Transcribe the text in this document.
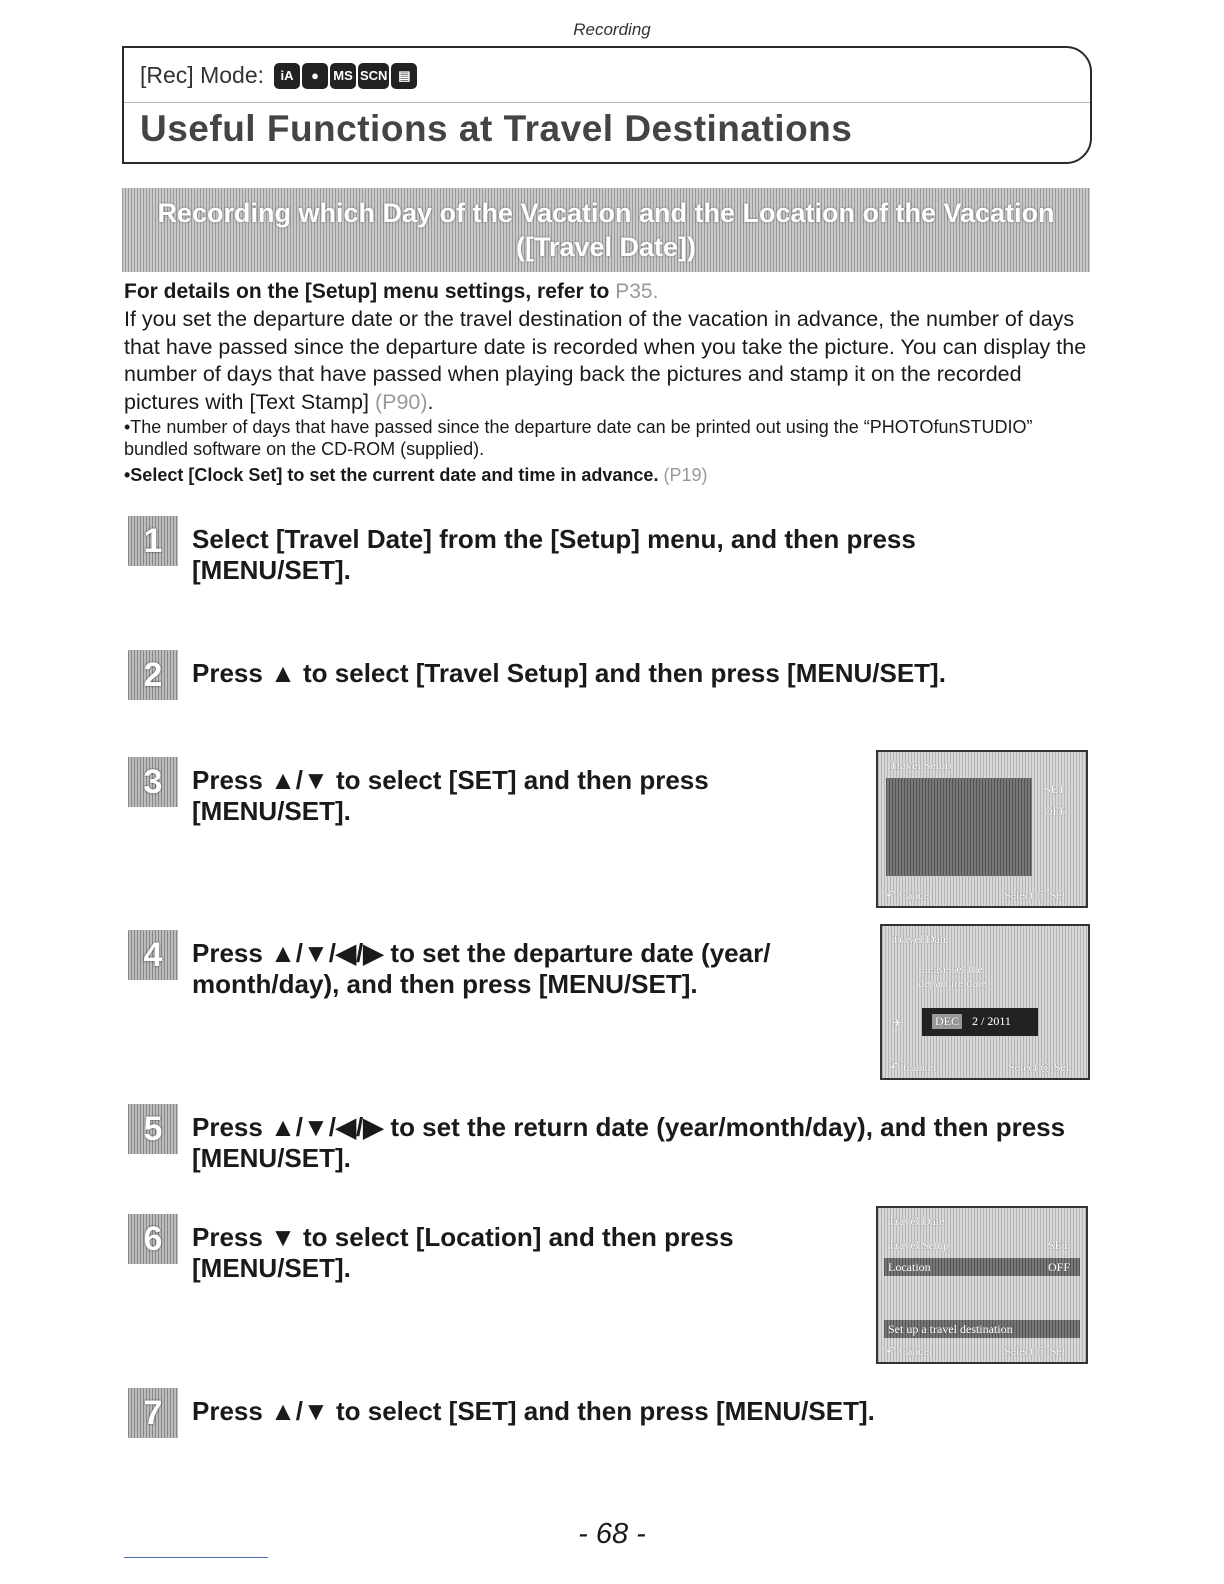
Recording
[Rec] Mode:	iA	●	MS SCN ▤
Useful Functions at Travel Destinations
Recording which Day of the Vacation and the Location of the Vacation
([Travel Date])
For details on the [Setup] menu settings, refer to P35.
If you set the departure date or the travel destination of the vacation in advance, the number of days that have passed since the departure date is recorded when you take the picture. You can display the number of days that have passed when playing back the pictures and stamp it on the recorded pictures with [Text Stamp] (P90).
•The number of days that have passed since the departure date can be printed out using the “PHOTOfunSTUDIO” bundled software on the CD-ROM (supplied).
•Select [Clock Set] to set the current date and time in advance. (P19)
1	Select [Travel Date] from the [Setup] menu, and then press [MENU/SET].
2	Press ▲ to select [Travel Setup] and then press [MENU/SET].
3	Press ▲/▼ to select [SET] and then press [MENU/SET].
4	Press ▲/▼/◀/▶ to set the departure date (year/ month/day), and then press [MENU/SET].
5	Press ▲/▼/◀/▶ to set the return date (year/month/day), and then press [MENU/SET].
6	Press ▼ to select [Location] and then press [MENU/SET].
7	Press ▲/▼ to select [SET] and then press [MENU/SET].
Travel Setup
SET
OFF
↶ Cancel	Select ◎ Set
Travel Date
Please set the departure date
✈	DEC 2 / 2011
↶ Cancel	Select ◎ Set
Travel Date
Travel Setup	SET
Location	OFF
Set up a travel destination
↶ Cancel	Select ◎ Set
- 68 -
